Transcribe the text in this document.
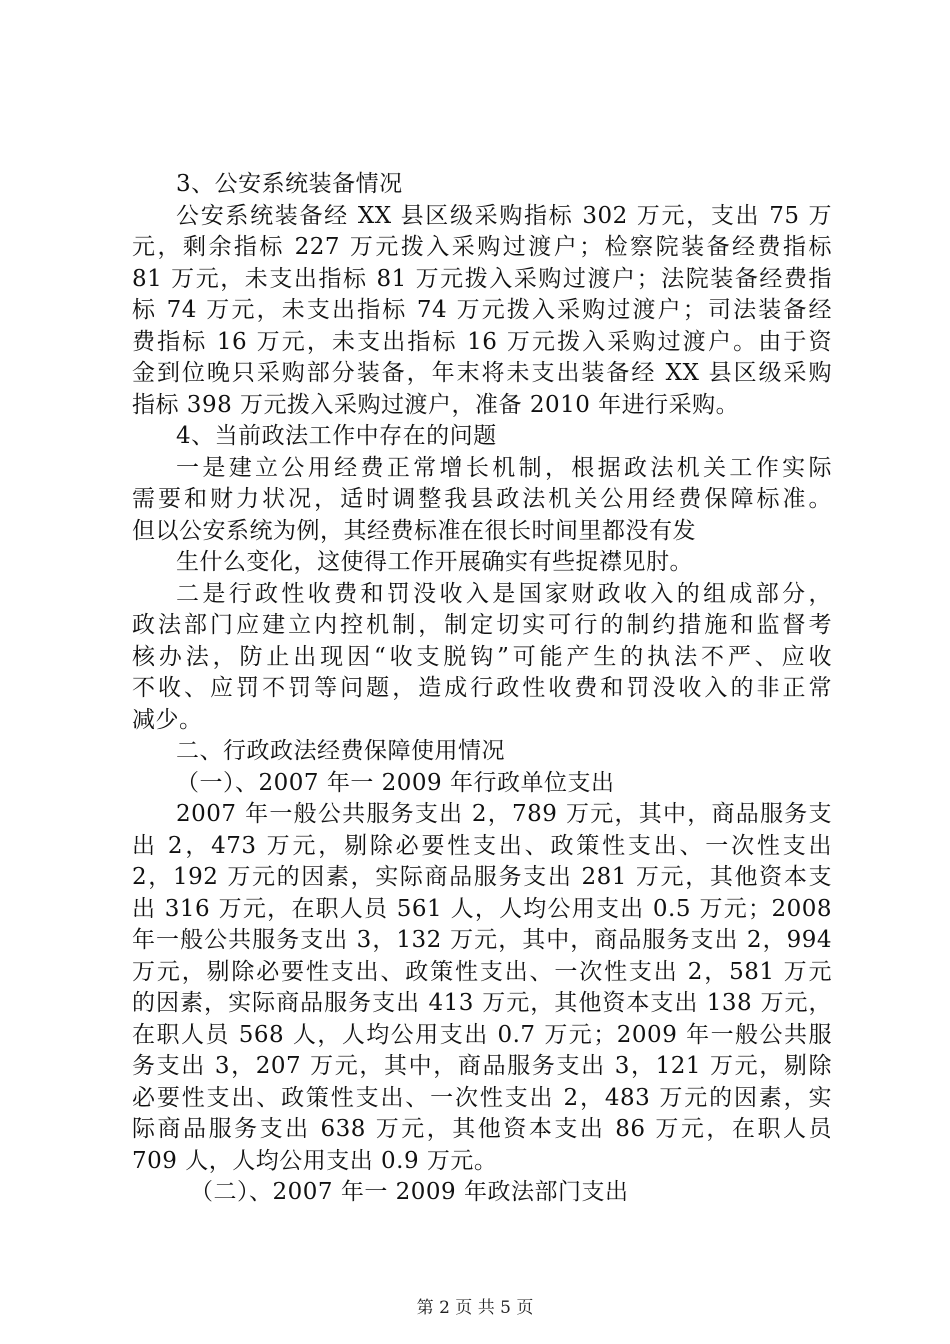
3、公安系统装备情况
公安系统装备经 XX 县区级采购指标 302 万元，支出 75 万
元，剩余指标 227 万元拨入采购过渡户；检察院装备经费指标
81 万元，未支出指标 81 万元拨入采购过渡户；法院装备经费指
标 74 万元，未支出指标 74 万元拨入采购过渡户；司法装备经
费指标 16 万元，未支出指标 16 万元拨入采购过渡户。由于资
金到位晚只采购部分装备，年末将未支出装备经 XX 县区级采购
指标 398 万元拨入采购过渡户，准备 2010 年进行采购。
4、当前政法工作中存在的问题
一是建立公用经费正常增长机制，根据政法机关工作实际
需要和财力状况，适时调整我县政法机关公用经费保障标准。
但以公安系统为例，其经费标准在很长时间里都没有发
生什么变化，这使得工作开展确实有些捉襟见肘。
二是行政性收费和罚没收入是国家财政收入的组成部分，
政法部门应建立内控机制，制定切实可行的制约措施和监督考
核办法，防止出现因“收支脱钩”可能产生的执法不严、应收
不收、应罚不罚等问题，造成行政性收费和罚没收入的非正常
减少。
二、行政政法经费保障使用情况
（一）、2007 年一 2009 年行政单位支出
2007 年一般公共服务支出 2，789 万元，其中，商品服务支
出 2，473 万元，剔除必要性支出、政策性支出、一次性支出
2，192 万元的因素，实际商品服务支出 281 万元，其他资本支
出 316 万元，在职人员 561 人，人均公用支出 0.5 万元；2008
年一般公共服务支出 3，132 万元，其中，商品服务支出 2，994
万元，剔除必要性支出、政策性支出、一次性支出 2，581 万元
的因素，实际商品服务支出 413 万元，其他资本支出 138 万元，
在职人员 568 人，人均公用支出 0.7 万元；2009 年一般公共服
务支出 3，207 万元，其中，商品服务支出 3，121 万元，剔除
必要性支出、政策性支出、一次性支出 2，483 万元的因素，实
际商品服务支出 638 万元，其他资本支出 86 万元，在职人员
709 人，人均公用支出 0.9 万元。
（二）、2007 年一 2009 年政法部门支出
第 2 页 共 5 页
